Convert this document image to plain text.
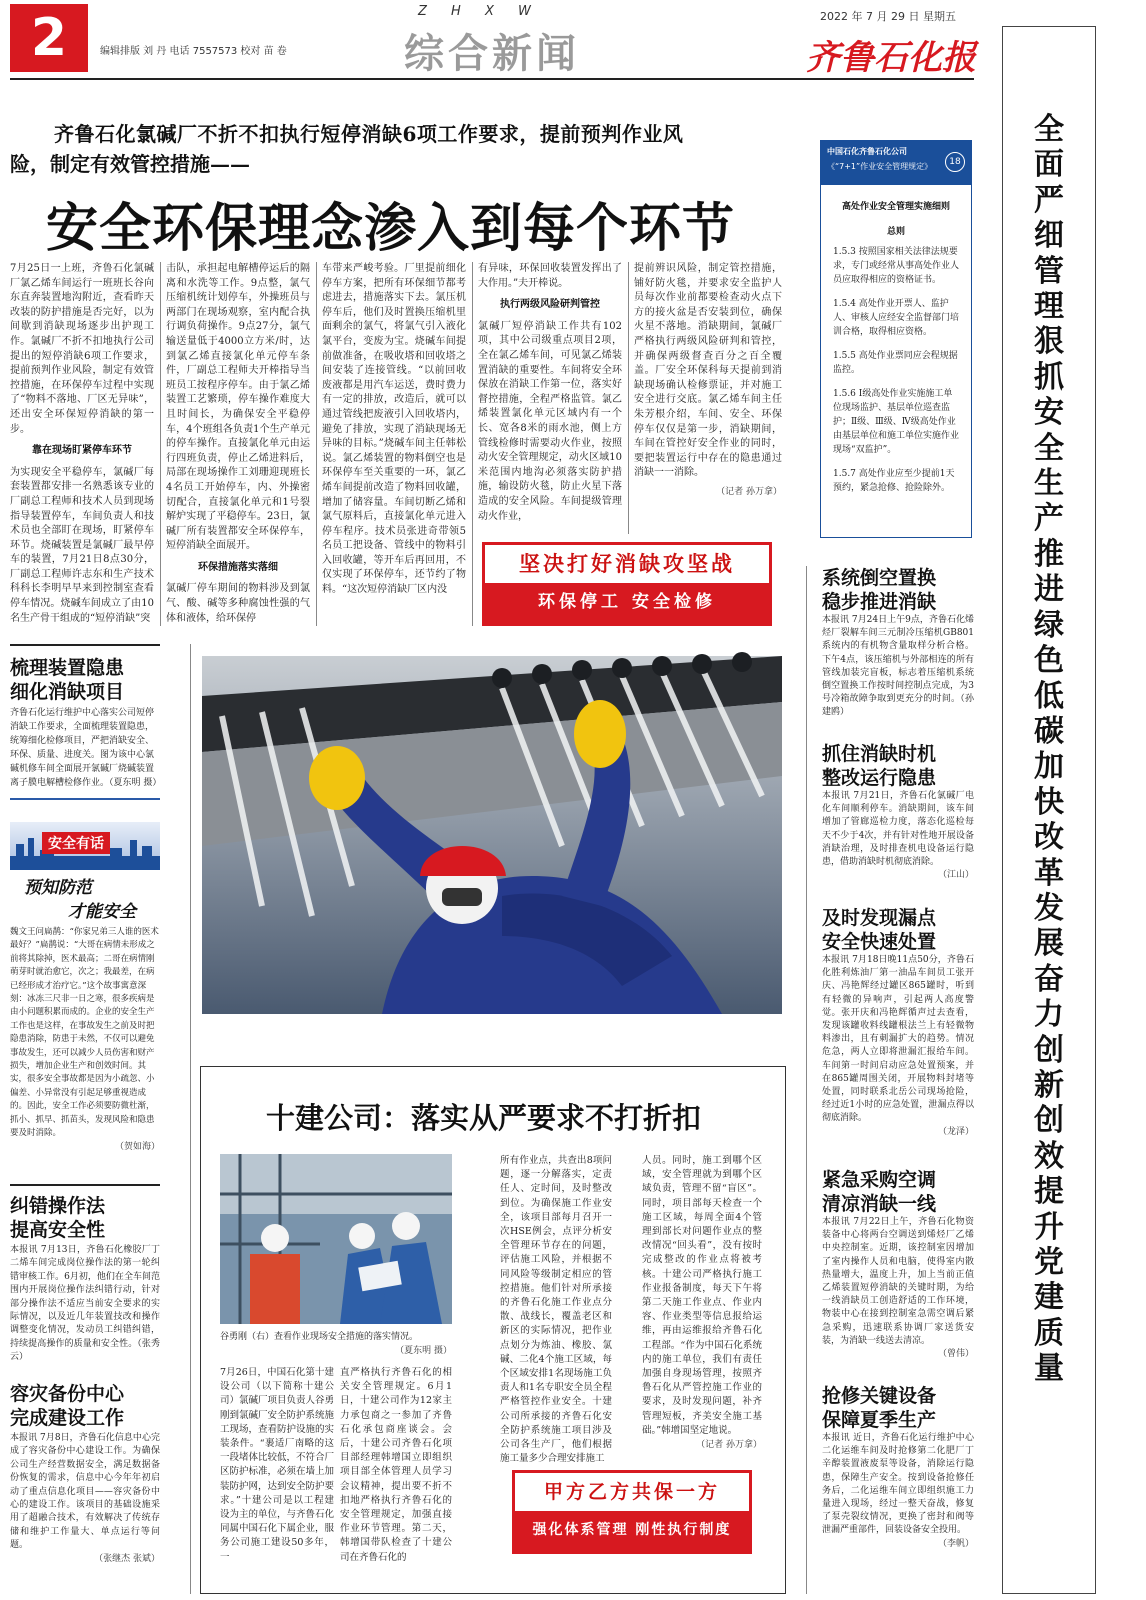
2	编辑排版 刘 丹 电话 7557573 校对 苗 卷
Z H X W
综合新闻
2022 年 7 月 29 日 星期五
齐鲁石化报
齐鲁石化氯碱厂不折不扣执行短停消缺6项工作要求，提前预判作业风
险，制定有效管控措施——
安全环保理念渗入到每个环节

7月25日一上班，齐鲁石化氯碱厂氯乙烯车间运行一班班长谷向东直奔装置地沟附近，查看昨天改装的防护措施是否完好，以为间歇到消缺现场逐步出护现工作。氯碱厂不折不扣地执行公司提出的短停消缺6项工作要求，提前预判作业风险，制定有效管控措施，在环保停车过程中实现了“物料不落地、厂区无异味”，还出安全环保短停消缺的第一步。

靠在现场盯紧停车环节

为实现安全平稳停车，氯碱厂每套装置都安排一名熟悉该专业的厂副总工程师和技术人员到现场指导装置停车，车间负责人和技术员也全部盯在现场，盯紧停车环节。烧碱装置是氯碱厂最早停车的装置，7月21日8点30分，厂副总工程师许志东和生产技术科科长李明早早来到控制室查看停车情况。烧碱车间成立了由10名生产骨干组成的“短停消缺”突

击队，承担起电解槽停运后的隔离和水洗等工作。9点整，氯气压缩机统计划停车，外操班员与两部门在现场观察，室内配合执行调负荷操作。9点27分，氯气输送量低于4000立方米/时，达到氯乙烯直接氯化单元停车条件，厂副总工程师夫开棒指导当班员工按程序停车。由于氯乙烯装置工艺繁琐，停车操作难度大且时间长，为确保安全平稳停车，4个班组各负责1个生产单元的停车操作。直接氯化单元由运行四班负责，停止乙烯进料后，局部在现场操作工刘珊迎现班长4名员工开始停车，内、外操密切配合，直接氯化单元和1号裂解炉实现了平稳停车。23日，氯碱厂所有装置都安全环保停车，短停消缺全面展开。

环保措施落实落细

氯碱厂停车期间的物料涉及到氯气、酸、碱等多种腐蚀性强的气体和液体，给环保停

车带来严峻考验。厂里提前细化停车方案，把所有环保细节都考虑进去，措施落实下去。氯压机停车后，他们及时置换压缩机里面剩余的氯气，将氯气引入液化氯平台，变废为宝。烧碱车间提前做准备，在吸收塔和回收塔之间安装了连接管线。“以前回收废液都是用汽车运送，费时费力有一定的排放，改造后，就可以通过管线把废液引入回收塔内，避免了排放，实现了消缺现场无异味的目标。”烧碱车间主任韩松说。氯乙烯装置的物料倒空也是环保停车至关重要的一环，氯乙烯车间提前改造了物料回收罐，增加了储容量。车间切断乙烯和氯气原料后，直接氯化单元进入停车程序。技术员张进奇带领5名员工把设备、管线中的物料引入回收罐，等开车后再回用，不仅实现了环保停车，还节约了物料。“这次短停消缺厂区内没

有异味，环保回收装置发挥出了大作用。”夫开棒说。

执行两级风险研判管控

氯碱厂短停消缺工作共有102项，其中公司级重点项目2项，全在氯乙烯车间，可见氯乙烯装置消缺的重要性。车间将安全环保放在消缺工作第一位，落实好督控措施，全程严格监管。氯乙烯装置氯化单元区域内有一个长、宽各8米的雨水池，侧上方管线检修时需要动火作业，按照动火安全管理规定，动火区域10米范围内地沟必须落实防护措施，输设防火毯，防止火星下落造成的安全风险。车间提级管理动火作业，

提前辨识风险，制定管控措施，铺好防火毯，并要求安全监护人员每次作业前都要检查动火点下方的接火盆是否安装到位，确保火星不落地。消缺期间，氯碱厂严格执行两级风险研判和管控，并确保两级督查百分之百全覆盖。厂安全环保科每天提前到消缺现场确认检修票证，并对施工安全进行交底。氯乙烯车间主任朱芳根介绍，车间、安全、环保停车仅仅是第一步，消缺期间，车间在管控好安全作业的同时，要把装置运行中存在的隐患通过消缺一一消除。

（记者 孙万拿）

坚决打好消缺攻坚战
环保停工 安全检修
中国石化齐鲁石化公司
《“7+1”作业安全管理规定》	18
高处作业安全管理实施细则
总则

1.5.3 按照国家相关法律法规要求，专门或经常从事高处作业人员应取得相应的资格证书。

1.5.4 高处作业开票人、监护人、审核人应经安全监督部门培训合格，取得相应资格。

1.5.5 高处作业票同应会程规据监控。

1.5.6 Ⅰ级高处作业实施施工单位现场监护、基层单位巡查监护；Ⅱ级、Ⅲ级、Ⅳ级高处作业由基层单位和施工单位实施作业现场“双监护”。

1.5.7 高处作业应至少提前1天预约，紧急抢修、抢险除外。

全面严细管理 狠抓安全生产 推进绿色低碳 加快改革发展 奋力创新创效 提升党建质量
梳理装置隐患
细化消缺项目
齐鲁石化运行维护中心落实公司短停消缺工作要求，全面梳理装置隐患，统筹细化检修项目，严把消缺安全、环保、质量、进度关。图为该中心氯碱机修车间全面展开氯碱厂烧碱装置离子膜电解槽检修作业。（夏东明 摄）
安全有话
预知防范
才能安全
魏文王问扁鹊：“你家兄弟三人谁的医术最好？”扁鹊说：“大哥在病情未形成之前将其除掉，医术最高；二哥在病情刚萌芽时就治愈它，次之；我最差，在病已经形成才治疗它。”这个故事寓意深刻：冰冻三尺非一日之寒，很多疾病是由小问题积累而成的。企业的安全生产工作也是这样，在事故发生之前及时把隐患消除，防患于未然，不仅可以避免事故发生，还可以减少人员伤害和财产损失，增加企业生产和创效时间。其实，很多安全事故都是因为小疏忽、小偏差、小异常没有引起足够重视造成的。因此，安全工作必须要防微杜渐，抓小、抓早、抓苗头，发现风险和隐患要及时消除。
（贺如海）
纠错操作法
提高安全性
本报讯 7月13日，齐鲁石化橡胶厂丁二烯车间完成岗位操作法的第一轮纠错审核工作。6月初，他们在全车间范围内开展岗位操作法纠错行动，针对部分操作法不适应当前安全要求的实际情况，以及近几年装置技改和操作调整变化情况，发动员工纠错纠错，持续提高操作的质量和安全性。（张秀云）
容灾备份中心
完成建设工作
本报讯 7月8日，齐鲁石化信息中心完成了容灾备份中心建设工作。为确保公司生产经营数据安全，满足数据备份恢复的需求，信息中心今年年初启动了重点信息化项目——容灾备份中心的建设工作。该项目的基础设施采用了超融合技术，有效解决了传统存储和维护工作量大、单点运行等问题。
（张继杰 张斌）
系统倒空置换
稳步推进消缺
本报讯 7月24日上午9点，齐鲁石化烯烃厂裂解车间三元制冷压缩机GB801系统内的有机物含量取样分析合格。下午4点，该压缩机与外部相连的所有管线加装完盲板，标志着压缩机系统倒空置换工作按时间控制点完成，为3号冷箱故障争取到更充分的时间。（孙建鸥）
抓住消缺时机
整改运行隐患
本报讯 7月21日，齐鲁石化氯碱厂电化车间顺利停车。消缺期间，该车间增加了管廊巡检力度，落态化巡检每天不少于4次，并有针对性地开展设备消缺治理，及时排查机电设备运行隐患，借助消缺时机彻底消除。
（江山）
及时发现漏点
安全快速处置
本报讯 7月18日晚11点50分，齐鲁石化胜利炼油厂第一油品车间员工张开庆、冯艳辉经过罐区865罐时，听到有轻微的异响声，引起两人高度警觉。张开庆和冯艳辉循声过去查看，发现该罐收料线罐根法兰上有轻微物料渗出，且有刺漏扩大的趋势。情况危急，两人立即将泄漏汇报给车间。车间第一时间启动应急处置预案，并在865罐周围关闭，开展物料封堵等处置，同时联系北岳公司现场抢险，经过近1小时的应急处置，泄漏点得以彻底消除。
（龙泽）
紧急采购空调
清凉消缺一线
本报讯 7月22日上午，齐鲁石化物资装备中心将两台空调送到烯烃厂乙烯中央控制室。近期，该控制室因增加了室内操作人员和电脑，使得室内散热量增大，温度上升，加上当前正值乙烯装置短停消缺的关键时期，为给一线消缺员工创造舒适的工作环境，物装中心在接到控制室急需空调后紧急采购，迅速联系协调厂家送货安装，为消缺一线送去清凉。
（曾伟）
抢修关键设备
保障夏季生产
本报讯 近日，齐鲁石化运行维护中心二化运维车间及时抢修第二化肥厂丁辛醇装置液废泵等设备，消除运行隐患，保障生产安全。按到设备抢修任务后，二化运维车间立即组织施工力量进入现场，经过一整天奋战，修复了泵壳裂纹情况，更换了密封和阀等泄漏严重部件，回装设备安全投用。
（李帆）
十建公司：落实从严要求不打折扣
谷勇刚（右）查看作业现场安全措施的落实情况。
（夏东明 摄）
7月26日，中国石化第十建设公司（以下简称十建公司）氯碱厂项目负责人谷勇刚到氯碱厂安全防护系统施工现场，查看防护设施的实装条件。“裹适厂南略的这一段堵体比较低，不符合厂区防护标准，必须在墙上加装防护网，达到安全防护要求。”十建公司是以工程建设为主的单位，与齐鲁石化同属中国石化下属企业，服务公司施工建设50多年，一
直严格执行齐鲁石化的相关安全管理规定。6月1日，十建公司作为12家主力承包商之一参加了齐鲁石化承包商座谈会。会后，十建公司齐鲁石化项目部经理韩增国立即组织项目部全体管理人员学习会议精神，提出要不折不扣地严格执行齐鲁石化的安全管理规定，加强直接作业环节管理。第二天，韩增国带队检查了十建公司在齐鲁石化的
所有作业点，共查出8项问题，逐一分解落实，定责任人、定时间，及时整改到位。为确保施工作业安全，该项目部每月召开一次HSE例会，点评分析安全管理环节存在的问题，评估施工风险，并根据不同风险等级制定相应的管控措施。他们针对所承接的齐鲁石化施工作业点分散、战线长，覆盖老区和新区的实际情况，把作业点划分为炼油、橡胶、氯碱、二化4个施工区域，每个区域安排1名现场施工负责人和1名专职安全员全程严格管控作业安全。十建公司所承接的齐鲁石化安全防护系统施工项目涉及公司各生产厂，他们根据施工量多少合理安排施工
人员。同时，施工到哪个区域，安全管理就为到哪个区域负责，管理不留“盲区”。同时，项目部每天检查一个施工区域，每周全面4个管理到部长对问题作业点的整改情况“回头看”，没有按时完成整改的作业点将被考核。十建公司严格执行施工作业报备制度，每天下午将第二天施工作业点、作业内容、作业类型等信息报给运维，再由运维报给齐鲁石化工程部。“作为中国石化系统内的施工单位，我们有责任加强自身现场管理，按照齐鲁石化从严管控施工作业的要求，及时发现问题，补齐管理短板，齐美安全施工基础。”韩增国坚定地说。
（记者 孙万拿）
甲方乙方共保一方
强化体系管理 刚性执行制度
